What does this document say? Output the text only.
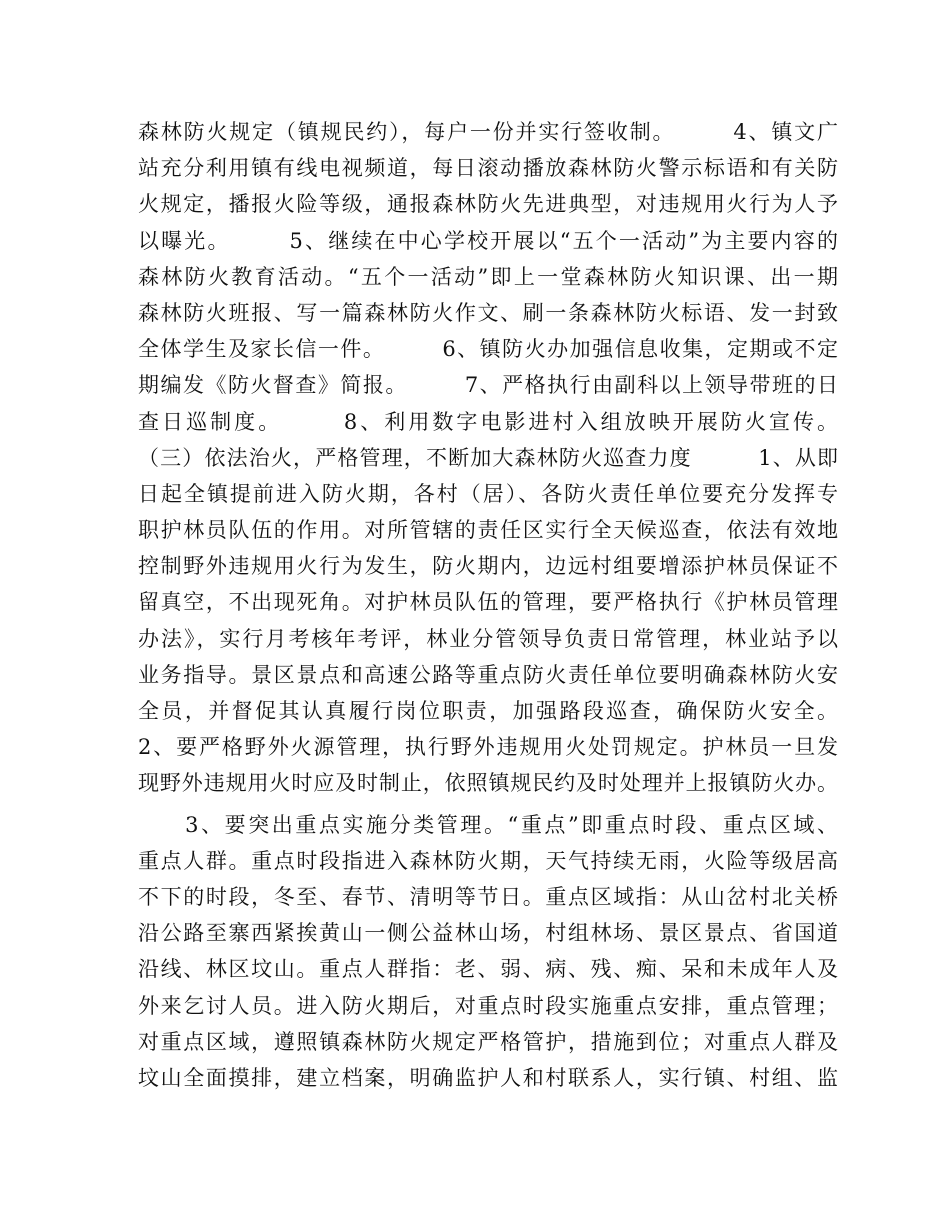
森林防火规定（镇规民约），每户一份并实行签收制。　　　4、镇文广
站充分利用镇有线电视频道，每日滚动播放森林防火警示标语和有关防
火规定，播报火险等级，通报森林防火先进典型，对违规用火行为人予
以曝光。　　　5、继续在中心学校开展以“五个一活动”为主要内容的
森林防火教育活动。“五个一活动”即上一堂森林防火知识课、出一期
森林防火班报、写一篇森林防火作文、刷一条森林防火标语、发一封致
全体学生及家长信一件。　　　6、镇防火办加强信息收集，定期或不定
期编发《防火督查》简报。　　　7、严格执行由副科以上领导带班的日
查日巡制度。　　　8、利用数字电影进村入组放映开展防火宣传。
（三）依法治火，严格管理，不断加大森林防火巡查力度　　　1、从即
日起全镇提前进入防火期，各村（居）、各防火责任单位要充分发挥专
职护林员队伍的作用。对所管辖的责任区实行全天候巡查，依法有效地
控制野外违规用火行为发生，防火期内，边远村组要增添护林员保证不
留真空，不出现死角。对护林员队伍的管理，要严格执行《护林员管理
办法》，实行月考核年考评，林业分管领导负责日常管理，林业站予以
业务指导。景区景点和高速公路等重点防火责任单位要明确森林防火安
全员，并督促其认真履行岗位职责，加强路段巡查，确保防火安全。
2、要严格野外火源管理，执行野外违规用火处罚规定。护林员一旦发
现野外违规用火时应及时制止，依照镇规民约及时处理并上报镇防火办。
　　3、要突出重点实施分类管理。“重点”即重点时段、重点区域、
重点人群。重点时段指进入森林防火期，天气持续无雨，火险等级居高
不下的时段，冬至、春节、清明等节日。重点区域指：从山岔村北关桥
沿公路至寨西紧挨黄山一侧公益林山场，村组林场、景区景点、省国道
沿线、林区坟山。重点人群指：老、弱、病、残、痴、呆和未成年人及
外来乞讨人员。进入防火期后，对重点时段实施重点安排，重点管理；
对重点区域，遵照镇森林防火规定严格管护，措施到位；对重点人群及
坟山全面摸排，建立档案，明确监护人和村联系人，实行镇、村组、监
